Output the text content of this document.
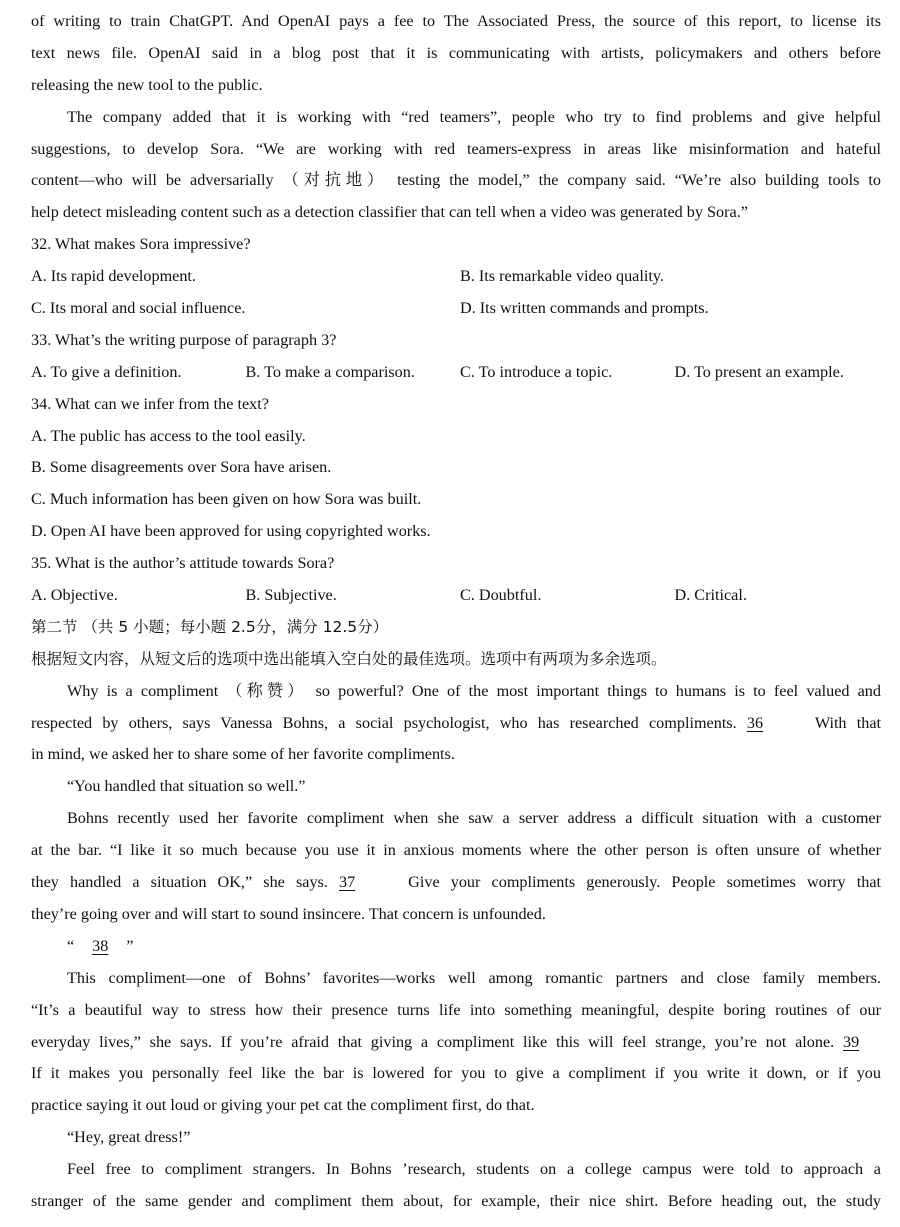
of writing to train ChatGPT. And OpenAI pays a fee to The Associated Press, the source of this report, to license its
text news file. OpenAI said in a blog post that it is communicating with artists, policymakers and others before
releasing the new tool to the public.
The company added that it is working with “red teamers”, people who try to find problems and give helpful
suggestions, to develop Sora. “We are working with red teamers-express in areas like misinformation and hateful
content—who will be adversarially （对抗地） testing the model,” the company said. “We’re also building tools to
help detect misleading content such as a detection classifier that can tell when a video was generated by Sora.”
32. What makes Sora impressive?
A. Its rapid development.	B. Its remarkable video quality.
C. Its moral and social influence.	D. Its written commands and prompts.
33. What’s the writing purpose of paragraph 3?
A. To give a definition.	B. To make a comparison.	C. To introduce a topic.	D. To present an example.
34. What can we infer from the text?
A. The public has access to the tool easily.
B. Some disagreements over Sora have arisen.
C. Much information has been given on how Sora was built.
D. Open AI have been approved for using copyrighted works.
35. What is the author’s attitude towards Sora?
A. Objective.	B. Subjective.	C. Doubtful.	D. Critical.
第二节 （共 5 小题；每小题 2.5分，满分 12.5分）
根据短文内容，从短文后的选项中选出能填入空白处的最佳选项。选项中有两项为多余选项。
Why is a compliment （称赞） so powerful? One of the most important things to humans is to feel valued and
respected by others, says Vanessa Bohns, a social psychologist, who has researched compliments. 36	With that
in mind, we asked her to share some of her favorite compliments.
“You handled that situation so well.”
Bohns recently used her favorite compliment when she saw a server address a difficult situation with a customer
at the bar. “I like it so much because you use it in anxious moments where the other person is often unsure of whether
they handled a situation OK,” she says. 37	Give your compliments generously. People sometimes worry that
they’re going over and will start to sound insincere. That concern is unfounded.
“ 38 ”
This compliment—one of Bohns’ favorites—works well among romantic partners and close family members.
“It’s a beautiful way to stress how their presence turns life into something meaningful, despite boring routines of our
everyday lives,” she says. If you’re afraid that giving a compliment like this will feel strange, you’re not alone. 39
If it makes you personally feel like the bar is lowered for you to give a compliment if you write it down, or if you
practice saying it out loud or giving your pet cat the compliment first, do that.
“Hey, great dress!”
Feel free to compliment strangers. In Bohns ’research, students on a college campus were told to approach a
stranger of the same gender and compliment them about, for example, their nice shirt. Before heading out, the study
